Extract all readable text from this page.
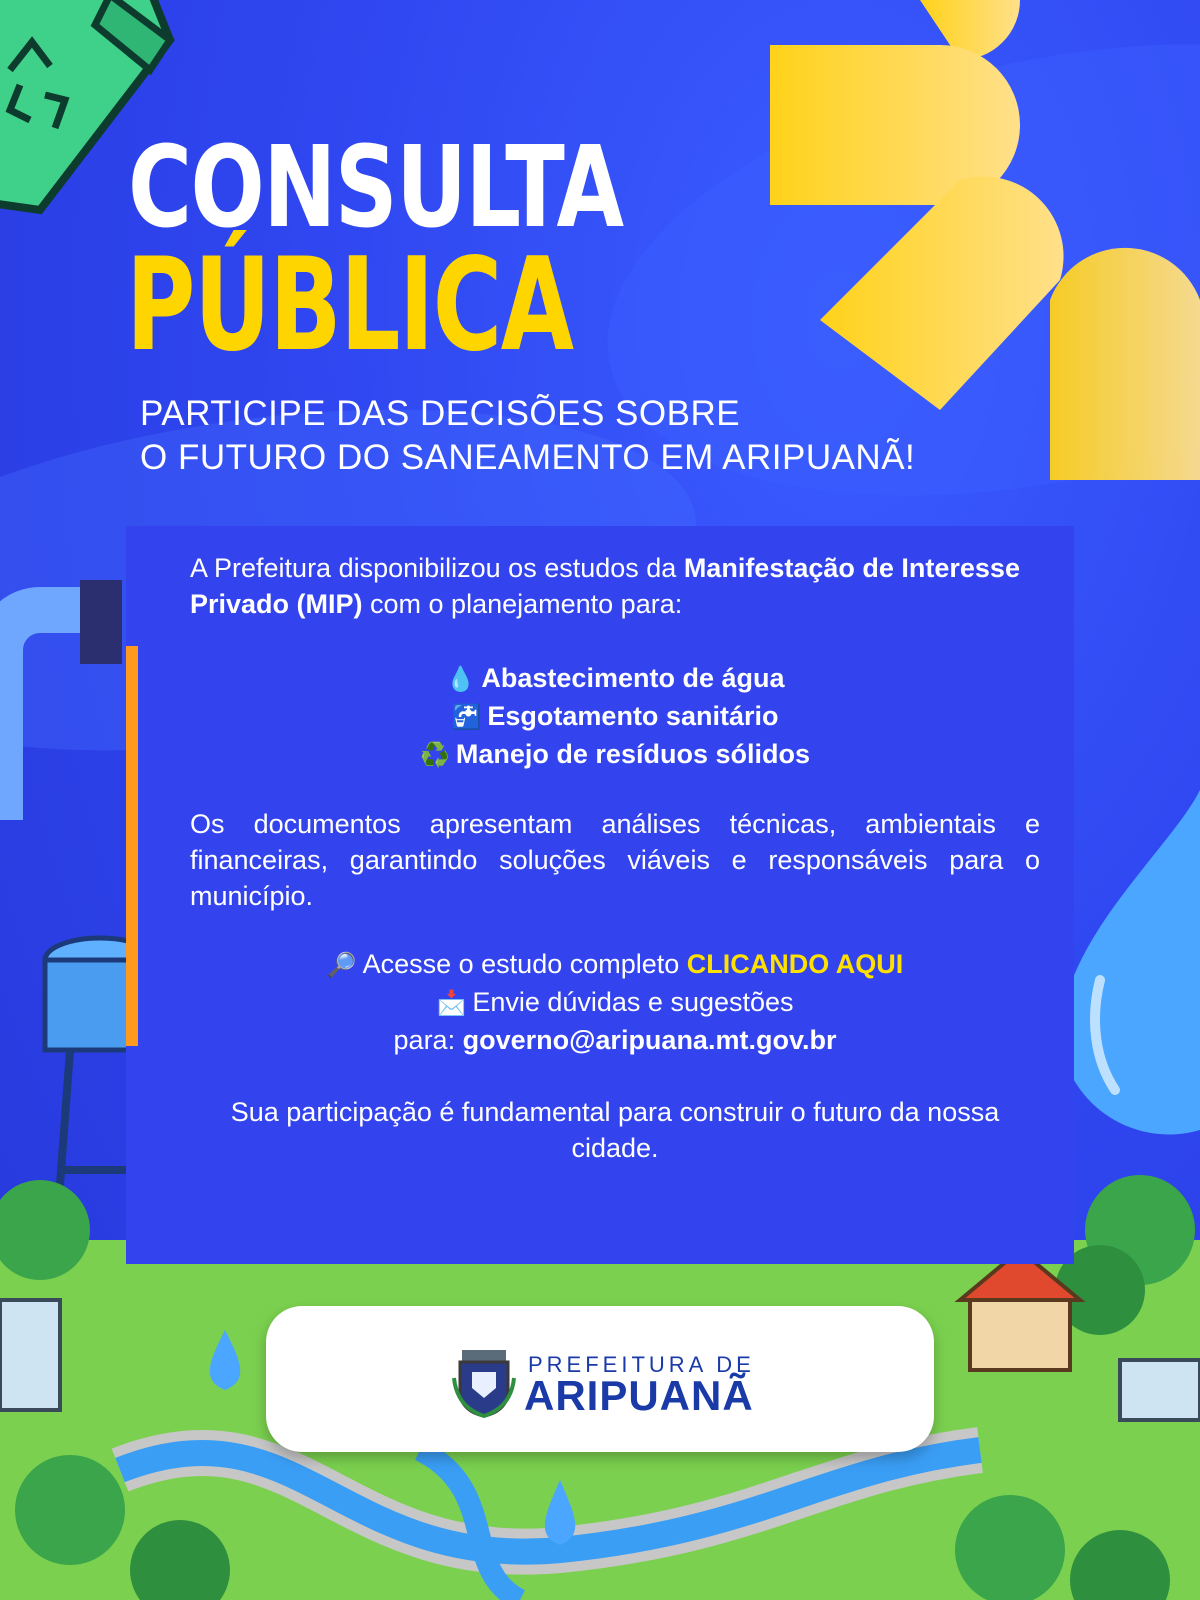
CONSULTA
PÚBLICA
PARTICIPE DAS DECISÕES SOBRE
O FUTURO DO SANEAMENTO EM ARIPUANÃ!
A Prefeitura disponibilizou os estudos da Manifestação de Interesse Privado (MIP) com o planejamento para:
💧 Abastecimento de água
🚰 Esgotamento sanitário
♻️ Manejo de resíduos sólidos
Os documentos apresentam análises técnicas, ambientais e financeiras, garantindo soluções viáveis e responsáveis para o município.
🔎 Acesse o estudo completo CLICANDO AQUI
📩 Envie dúvidas e sugestões
para: governo@aripuana.mt.gov.br
Sua participação é fundamental para construir o futuro da nossa cidade.
PREFEITURA DE
ARIPUANÃ
